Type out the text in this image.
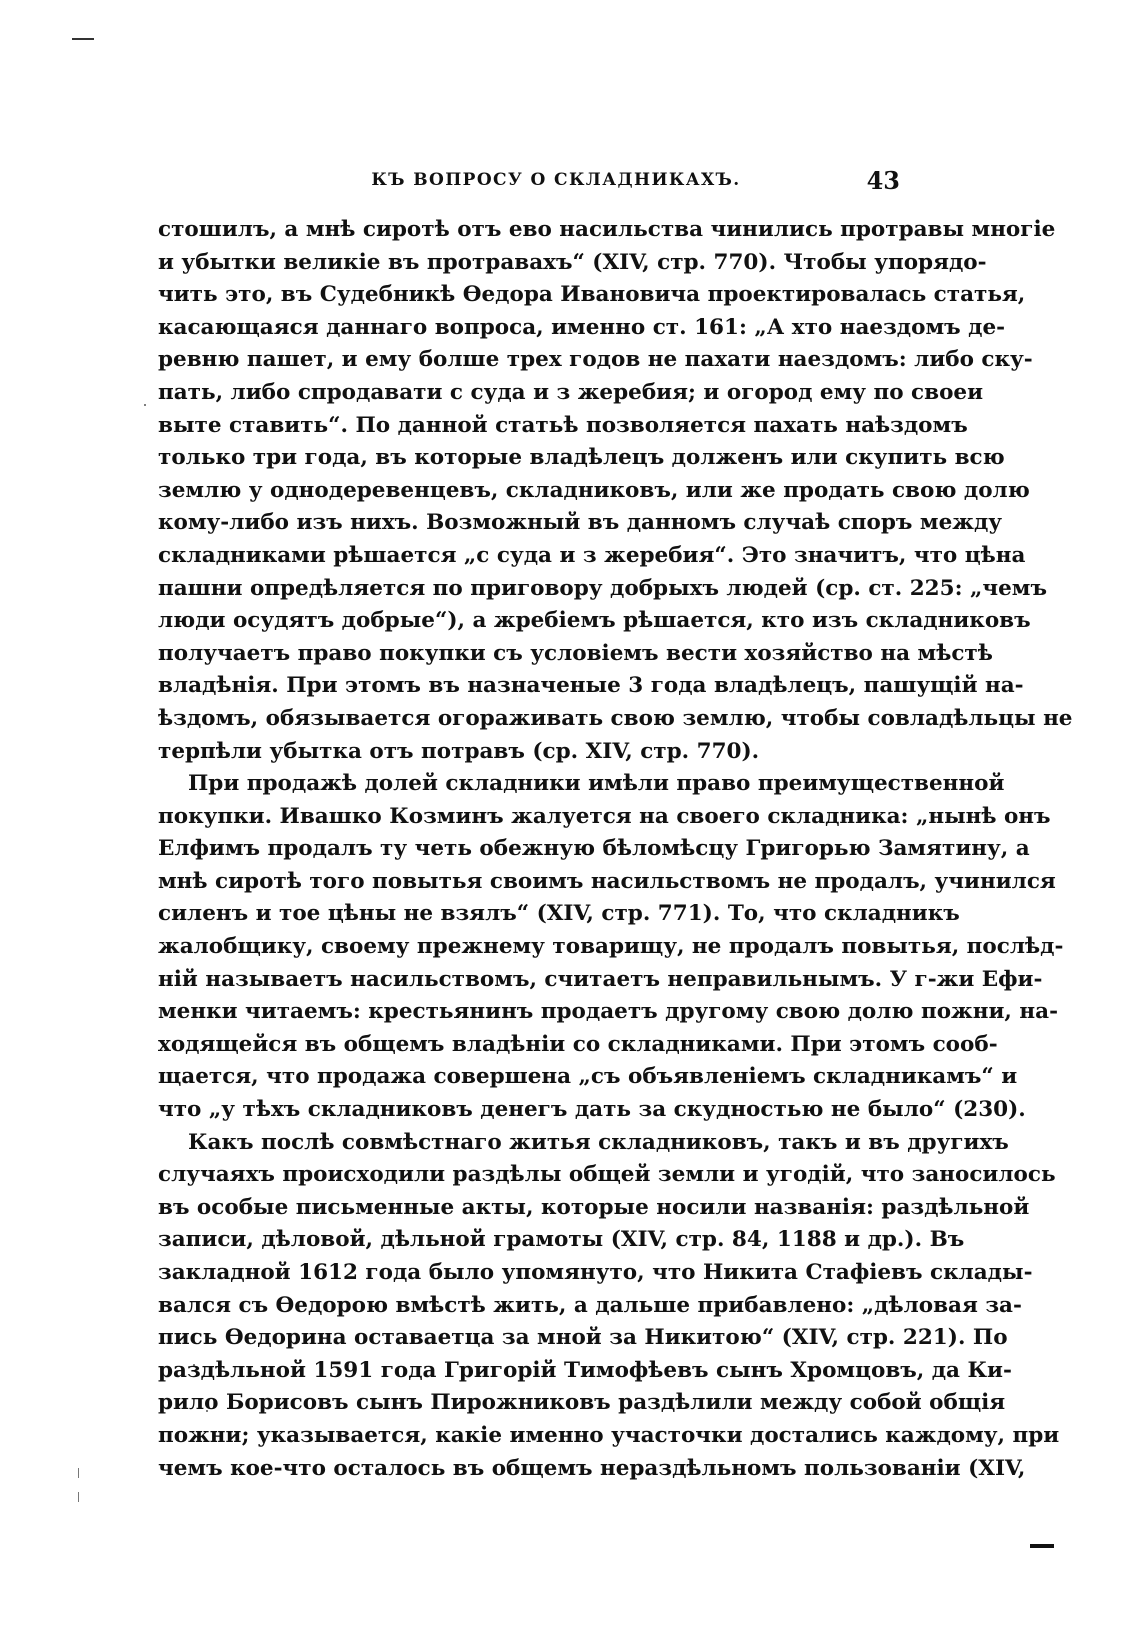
КЪ ВОПРОСУ О СКЛАДНИКАХЪ.	43
стошилъ, а мнѣ сиротѣ отъ ево насильства чинились протравы многіе
и убытки великіе въ протравахъ“ (XIV, стр. 770). Чтобы упорядо-
чить это, въ Судебникѣ Ѳедора Ивановича проектировалась статья,
касающаяся даннаго вопроса, именно ст. 161: „А хто наездомъ де-
ревню пашет, и ему болше трех годов не пахати наездомъ: либо ску-
пать, либо спродавати с суда и з жеребия; и огород ему по своеи
выте ставить“. По данной статьѣ позволяется пахать наѣздомъ
только три года, въ которые владѣлецъ долженъ или скупить всю
землю у однодеревенцевъ, складниковъ, или же продать свою долю
кому-либо изъ нихъ. Возможный въ данномъ случаѣ споръ между
складниками рѣшается „с суда и з жеребия“. Это значитъ, что цѣна
пашни опредѣляется по приговору добрыхъ людей (ср. ст. 225: „чемъ
люди осудятъ добрые“), а жребіемъ рѣшается, кто изъ складниковъ
получаетъ право покупки съ условіемъ вести хозяйство на мѣстѣ
владѣнія. При этомъ въ назначеные 3 года владѣлецъ, пашущій на-
ѣздомъ, обязывается огораживать свою землю, чтобы совладѣльцы не
терпѣли убытка отъ потравъ (ср. XIV, стр. 770).
При продажѣ долей складники имѣли право преимущественной
покупки. Ивашко Козминъ жалуется на своего складника: „нынѣ онъ
Елфимъ продалъ ту четь обежную бѣломѣсцу Григорью Замятину, а
мнѣ сиротѣ того повытья своимъ насильствомъ не продалъ, учинился
силенъ и тое цѣны не взялъ“ (XIV, стр. 771). То, что складникъ
жалобщику, своему прежнему товарищу, не продалъ повытья, послѣд-
ній называетъ насильствомъ, считаетъ неправильнымъ. У г-жи Ефи-
менки читаемъ: крестьянинъ продаетъ другому свою долю пожни, на-
ходящейся въ общемъ владѣніи со складниками. При этомъ сооб-
щается, что продажа совершена „съ объявленіемъ складникамъ“ и
что „у тѣхъ складниковъ денегъ дать за скудностью не было“ (230).
Какъ послѣ совмѣстнаго житья складниковъ, такъ и въ другихъ
случаяхъ происходили раздѣлы общей земли и угодій, что заносилось
въ особые письменные акты, которые носили названія: раздѣльной
записи, дѣловой, дѣльной грамоты (XIV, стр. 84, 1188 и др.). Въ
закладной 1612 года было упомянуто, что Никита Стафіевъ склады-
вался съ Ѳедорою вмѣстѣ жить, а дальше прибавлено: „дѣловая за-
пись Ѳедорина оставаетца за мной за Никитою“ (XIV, стр. 221). По
раздѣльной 1591 года Григорій Тимофѣевъ сынъ Хромцовъ, да Ки-
рило Борисовъ сынъ Пирожниковъ раздѣлили между собой общія
пожни; указывается, какіе именно участочки достались каждому, при
чемъ кое-что осталось въ общемъ нераздѣльномъ пользованіи (XIV,
